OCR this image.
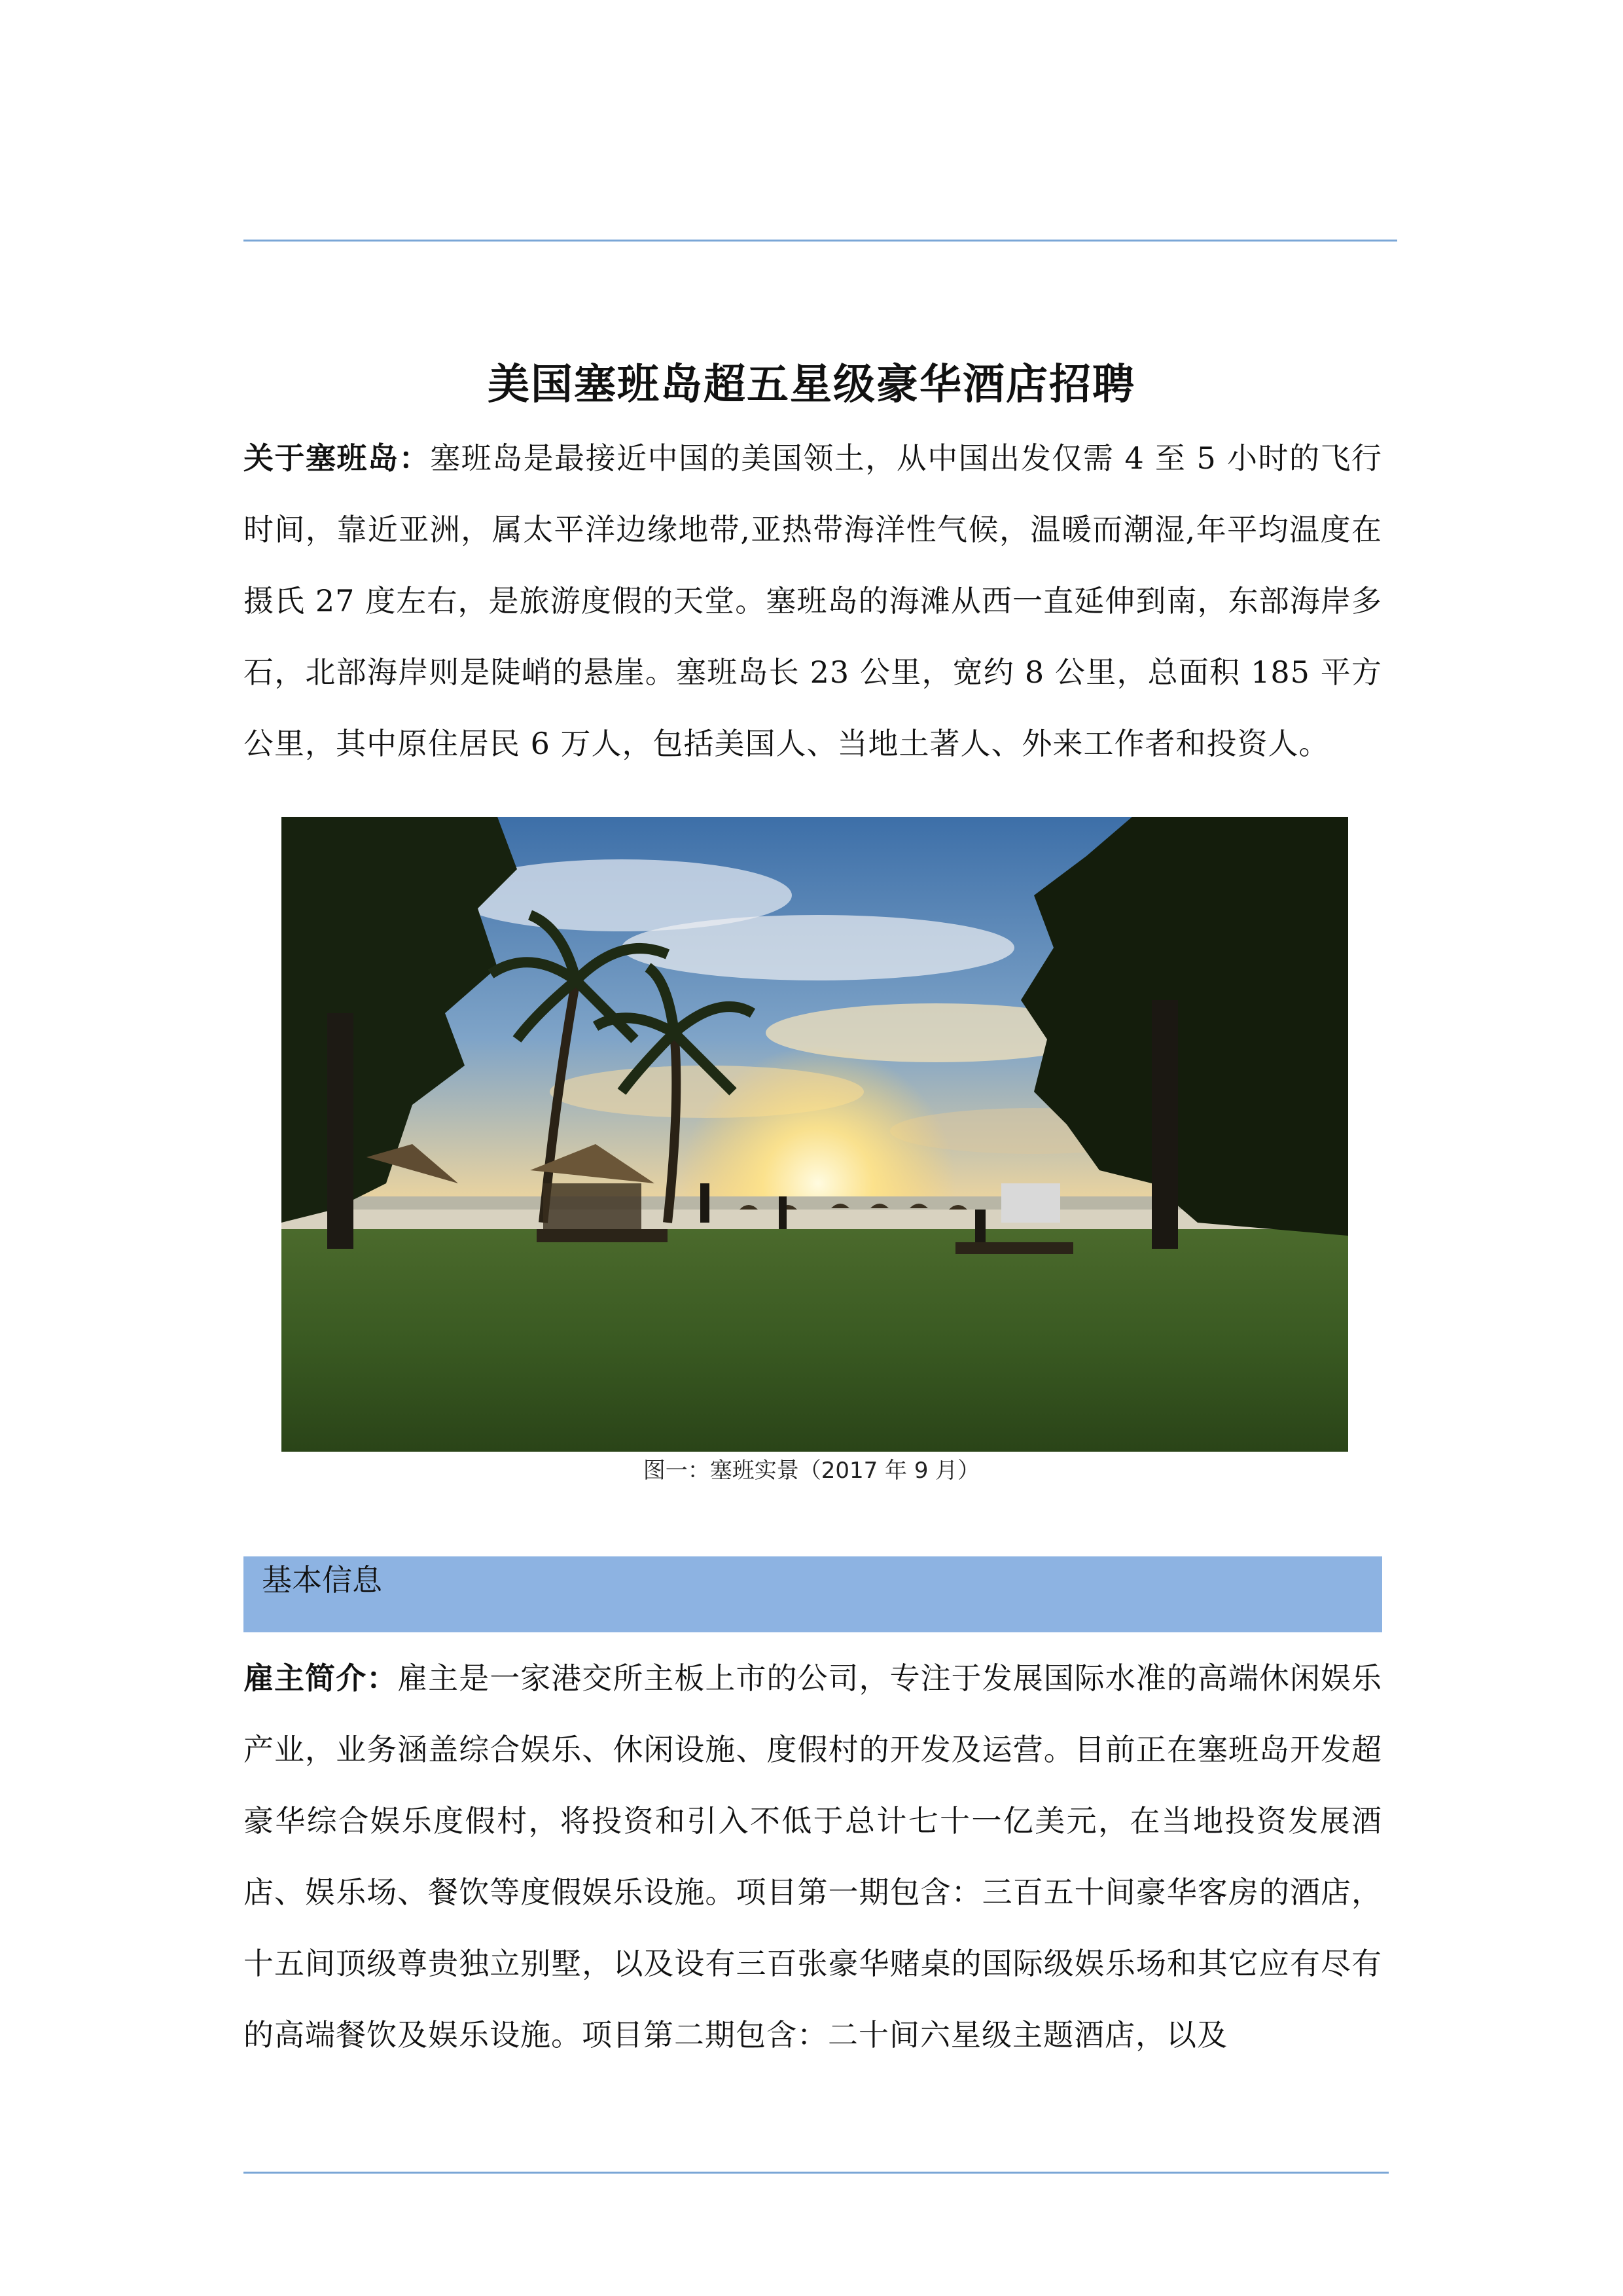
美国塞班岛超五星级豪华酒店招聘
关于塞班岛：塞班岛是最接近中国的美国领土，从中国出发仅需 4 至 5 小时的飞行时间，靠近亚洲，属太平洋边缘地带,亚热带海洋性气候，温暖而潮湿,年平均温度在摄氏 27 度左右，是旅游度假的天堂。塞班岛的海滩从西一直延伸到南，东部海岸多石，北部海岸则是陡峭的悬崖。塞班岛长 23 公里，宽约 8 公里，总面积 185 平方公里，其中原住居民 6 万人，包括美国人、当地土著人、外来工作者和投资人。
图一：塞班实景（2017 年 9 月）
基本信息
雇主简介：雇主是一家港交所主板上市的公司，专注于发展国际水准的高端休闲娱乐产业，业务涵盖综合娱乐、休闲设施、度假村的开发及运营。目前正在塞班岛开发超豪华综合娱乐度假村，将投资和引入不低于总计七十一亿美元，在当地投资发展酒店、娱乐场、餐饮等度假娱乐设施。项目第一期包含：三百五十间豪华客房的酒店，十五间顶级尊贵独立别墅，以及设有三百张豪华赌桌的国际级娱乐场和其它应有尽有的高端餐饮及娱乐设施。项目第二期包含：二十间六星级主题酒店，以及
